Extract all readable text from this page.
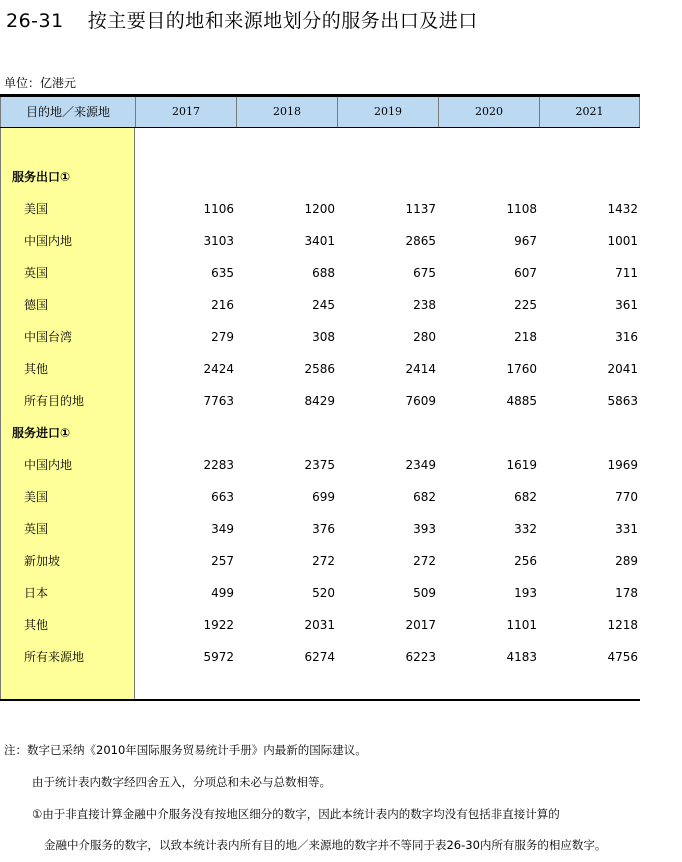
26-31 按主要目的地和来源地划分的服务出口及进口
单位：亿港元
目的地／来源地	2017	2018	2019	2020	2021
服务出口①
美国	1106	1200	1137	1108	1432
中国内地	3103	3401	2865	967	1001
英国	635	688	675	607	711
德国	216	245	238	225	361
中国台湾	279	308	280	218	316
其他	2424	2586	2414	1760	2041
所有目的地	7763	8429	7609	4885	5863
服务进口①
中国内地	2283	2375	2349	1619	1969
美国	663	699	682	682	770
英国	349	376	393	332	331
新加坡	257	272	272	256	289
日本	499	520	509	193	178
其他	1922	2031	2017	1101	1218
所有来源地	5972	6274	6223	4183	4756
注：数字已采纳《2010年国际服务贸易统计手册》内最新的国际建议。
由于统计表内数字经四舍五入，分项总和未必与总数相等。
①由于非直接计算金融中介服务没有按地区细分的数字，因此本统计表内的数字均没有包括非直接计算的
金融中介服务的数字，以致本统计表内所有目的地／来源地的数字并不等同于表26-30内所有服务的相应数字。
